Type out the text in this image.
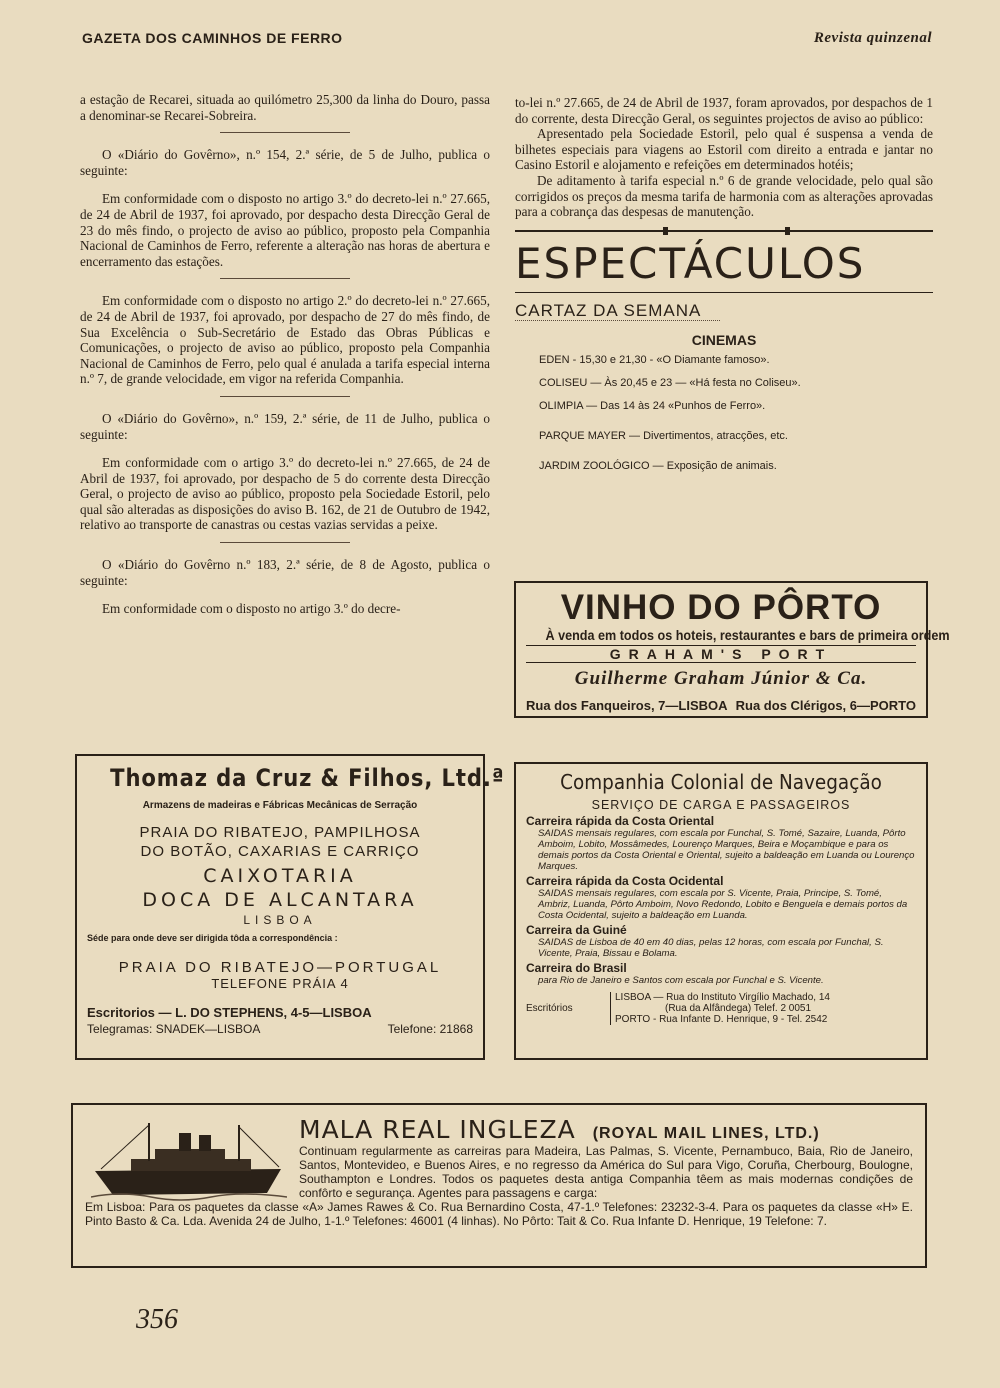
GAZETA DOS CAMINHOS DE FERRO	Revista quinzenal

a estação de Recarei, situada ao quilómetro 25,300 da linha do Douro, passa a denominar-se Recarei-Sobreira.

O «Diário do Govêrno», n.º 154, 2.ª série, de 5 de Julho, publica o seguinte:

Em conformidade com o disposto no artigo 3.º do decreto-lei n.º 27.665, de 24 de Abril de 1937, foi aprovado, por despacho desta Direcção Geral de 23 do mês findo, o projecto de aviso ao público, proposto pela Companhia Nacional de Caminhos de Ferro, referente a alteração nas horas de abertura e encerramento das estações.

Em conformidade com o disposto no artigo 2.º do decreto-lei n.º 27.665, de 24 de Abril de 1937, foi aprovado, por despacho de 27 do mês findo, de Sua Excelência o Sub-Secretário de Estado das Obras Públicas e Comunicações, o projecto de aviso ao público, proposto pela Companhia Nacional de Caminhos de Ferro, pelo qual é anulada a tarifa especial interna n.º 7, de grande velocidade, em vigor na referida Companhia.

O «Diário do Govêrno», n.º 159, 2.ª série, de 11 de Julho, publica o seguinte:

Em conformidade com o artigo 3.º do decreto-lei n.º 27.665, de 24 de Abril de 1937, foi aprovado, por despacho de 5 do corrente desta Direcção Geral, o projecto de aviso ao público, proposto pela Sociedade Estoril, pelo qual são alteradas as disposições do aviso B. 162, de 21 de Outubro de 1942, relativo ao transporte de canastras ou cestas vazias servidas a peixe.

O «Diário do Govêrno n.º 183, 2.ª série, de 8 de Agosto, publica o seguinte:

Em conformidade com o disposto no artigo 3.º do decre-

to-lei n.º 27.665, de 24 de Abril de 1937, foram aprovados, por despachos de 1 do corrente, desta Direcção Geral, os seguintes projectos de aviso ao público:

Apresentado pela Sociedade Estoril, pelo qual é suspensa a venda de bilhetes especiais para viagens ao Estoril com direito a entrada e jantar no Casino Estoril e alojamento e refeições em determinados hotéis;

De aditamento à tarifa especial n.º 6 de grande velocidade, pelo qual são corrigidos os preços da mesma tarifa de harmonia com as alterações aprovadas para a cobrança das despesas de manutenção.

ESPECTÁCULOS
CARTAZ DA SEMANA
CINEMAS
EDEN - 15,30 e 21,30 - «O Diamante famoso».
COLISEU — Às 20,45 e 23 — «Há festa no Coliseu».
OLIMPIA — Das 14 às 24 «Punhos de Ferro».
PARQUE MAYER — Divertimentos, atracções, etc.
JARDIM ZOOLÓGICO — Exposição de animais.
VINHO DO PÔRTO
À venda em todos os hoteis, restaurantes e bars de primeira ordem
GRAHAM'S PORT
Guilherme Graham Júnior & Ca.
Rua dos Fanqueiros, 7—LISBOA Rua dos Clérigos, 6—PORTO
Thomaz da Cruz & Filhos, Ltd.ª
Armazens de madeiras e Fábricas Mecânicas de Serração
PRAIA DO RIBATEJO, PAMPILHOSA
DO BOTÃO, CAXARIAS E CARRIÇO
CAIXOTARIA
DOCA DE ALCANTARA
LISBOA
Séde para onde deve ser dirigida tôda a correspondência :
PRAIA DO RIBATEJO—PORTUGAL
TELEFONE PRÁIA 4
Escritorios — L. DO STEPHENS, 4-5—LISBOA
Telegramas: SNADEK—LISBOA	Telefone: 21868
Companhia Colonial de Navegação
SERVIÇO DE CARGA E PASSAGEIROS
Carreira rápida da Costa Oriental
SAIDAS mensais regulares, com escala por Funchal, S. Tomé, Sazaire, Luanda, Pôrto Amboim, Lobito, Mossâmedes, Lourenço Marques, Beira e Moçambique e para os demais portos da Costa Oriental e Oriental, sujeito a baldeação em Luanda ou Lourenço Marques.
Carreira rápida da Costa Ocidental
SAIDAS mensais regulares, com escala por S. Vicente, Praia, Principe, S. Tomé, Ambriz, Luanda, Pôrto Amboim, Novo Redondo, Lobito e Benguela e demais portos da Costa Ocidental, sujeito a baldeação em Luanda.
Carreira da Guiné
SAIDAS de Lisboa de 40 em 40 dias, pelas 12 horas, com escala por Funchal, S. Vicente, Praia, Bissau e Bolama.
Carreira do Brasil
para Rio de Janeiro e Santos com escala por Funchal e S. Vicente.
Escritórios
LISBOA — Rua do Instituto Virgílio Machado, 14
(Rua da Alfândega) Telef. 2 0051
PORTO - Rua Infante D. Henrique, 9 - Tel. 2542
MALA REAL INGLEZA (ROYAL MAIL LINES, LTD.)
Continuam regularmente as carreiras para Madeira, Las Palmas, S. Vicente, Pernambuco, Baia, Rio de Janeiro, Santos, Montevideo, e Buenos Aires, e no regresso da América do Sul para Vigo, Coruña, Cherbourg, Boulogne, Southampton e Londres. Todos os paquetes desta antiga Companhia têem as mais modernas condições de confôrto e segurança. Agentes para passagens e carga:
Em Lisboa: Para os paquetes da classe «A» James Rawes & Co. Rua Bernardino Costa, 47-1.º Telefones: 23232-3-4. Para os paquetes da classe «H» E. Pinto Basto & Ca. Lda. Avenida 24 de Julho, 1-1.º Telefones: 46001 (4 linhas). No Pôrto: Tait & Co. Rua Infante D. Henrique, 19 Telefone: 7.
356
